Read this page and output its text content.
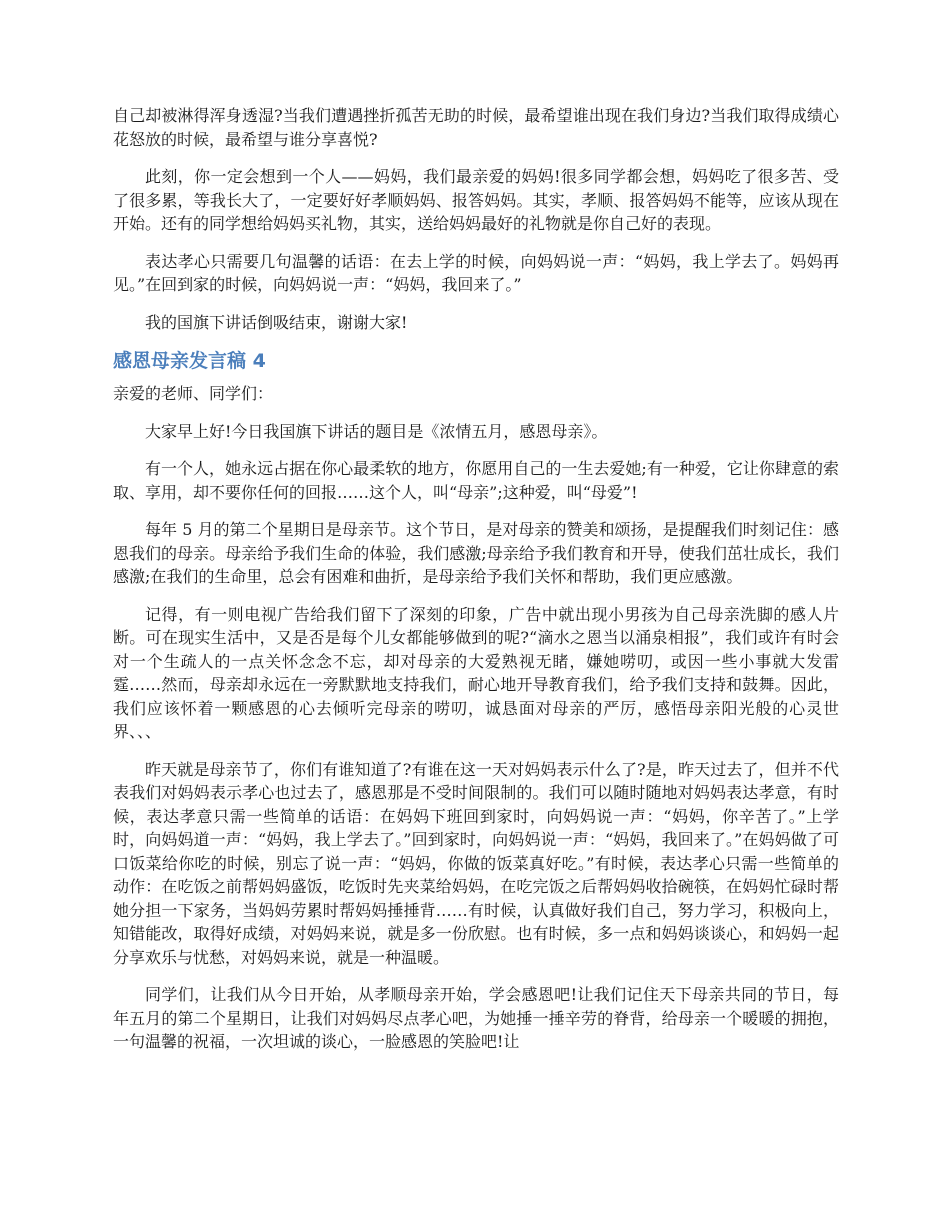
自己却被淋得浑身透湿?当我们遭遇挫折孤苦无助的时候，最希望谁出现在我们身边?当我们取得成绩心花怒放的时候，最希望与谁分享喜悦?

此刻，你一定会想到一个人——妈妈，我们最亲爱的妈妈!很多同学都会想，妈妈吃了很多苦、受了很多累，等我长大了，一定要好好孝顺妈妈、报答妈妈。其实，孝顺、报答妈妈不能等，应该从现在开始。还有的同学想给妈妈买礼物，其实，送给妈妈最好的礼物就是你自己好的表现。

表达孝心只需要几句温馨的话语：在去上学的时候，向妈妈说一声：“妈妈，我上学去了。妈妈再见。”在回到家的时候，向妈妈说一声：“妈妈，我回来了。”

我的国旗下讲话倒吸结束，谢谢大家!

感恩母亲发言稿 4

亲爱的老师、同学们：

大家早上好!今日我国旗下讲话的题目是《浓情五月，感恩母亲》。

有一个人，她永远占据在你心最柔软的地方，你愿用自己的一生去爱她;有一种爱，它让你肆意的索取、享用，却不要你任何的回报……这个人，叫“母亲”;这种爱，叫“母爱”!

每年 5 月的第二个星期日是母亲节。这个节日，是对母亲的赞美和颂扬，是提醒我们时刻记住：感恩我们的母亲。母亲给予我们生命的体验，我们感激;母亲给予我们教育和开导，使我们茁壮成长，我们感激;在我们的生命里，总会有困难和曲折，是母亲给予我们关怀和帮助，我们更应感激。

记得，有一则电视广告给我们留下了深刻的印象，广告中就出现小男孩为自己母亲洗脚的感人片断。可在现实生活中，又是否是每个儿女都能够做到的呢?“滴水之恩当以涌泉相报”，我们或许有时会对一个生疏人的一点关怀念念不忘，却对母亲的大爱熟视无睹，嫌她唠叨，或因一些小事就大发雷霆……然而，母亲却永远在一旁默默地支持我们，耐心地开导教育我们，给予我们支持和鼓舞。因此，我们应该怀着一颗感恩的心去倾听完母亲的唠叨，诚恳面对母亲的严厉，感悟母亲阳光般的心灵世界、、、

昨天就是母亲节了，你们有谁知道了?有谁在这一天对妈妈表示什么了?是，昨天过去了，但并不代表我们对妈妈表示孝心也过去了，感恩那是不受时间限制的。我们可以随时随地对妈妈表达孝意，有时候，表达孝意只需一些简单的话语：在妈妈下班回到家时，向妈妈说一声：“妈妈，你辛苦了。”上学时，向妈妈道一声：“妈妈，我上学去了。”回到家时，向妈妈说一声：“妈妈，我回来了。”在妈妈做了可口饭菜给你吃的时候，别忘了说一声：“妈妈，你做的饭菜真好吃。”有时候，表达孝心只需一些简单的动作：在吃饭之前帮妈妈盛饭，吃饭时先夹菜给妈妈，在吃完饭之后帮妈妈收拾碗筷，在妈妈忙碌时帮她分担一下家务，当妈妈劳累时帮妈妈捶捶背……有时候，认真做好我们自己，努力学习，积极向上，知错能改，取得好成绩，对妈妈来说，就是多一份欣慰。也有时候，多一点和妈妈谈谈心，和妈妈一起分享欢乐与忧愁，对妈妈来说，就是一种温暖。

同学们，让我们从今日开始，从孝顺母亲开始，学会感恩吧!让我们记住天下母亲共同的节日，每年五月的第二个星期日，让我们对妈妈尽点孝心吧，为她捶一捶辛劳的脊背，给母亲一个暖暖的拥抱，一句温馨的祝福，一次坦诚的谈心，一脸感恩的笑脸吧!让
